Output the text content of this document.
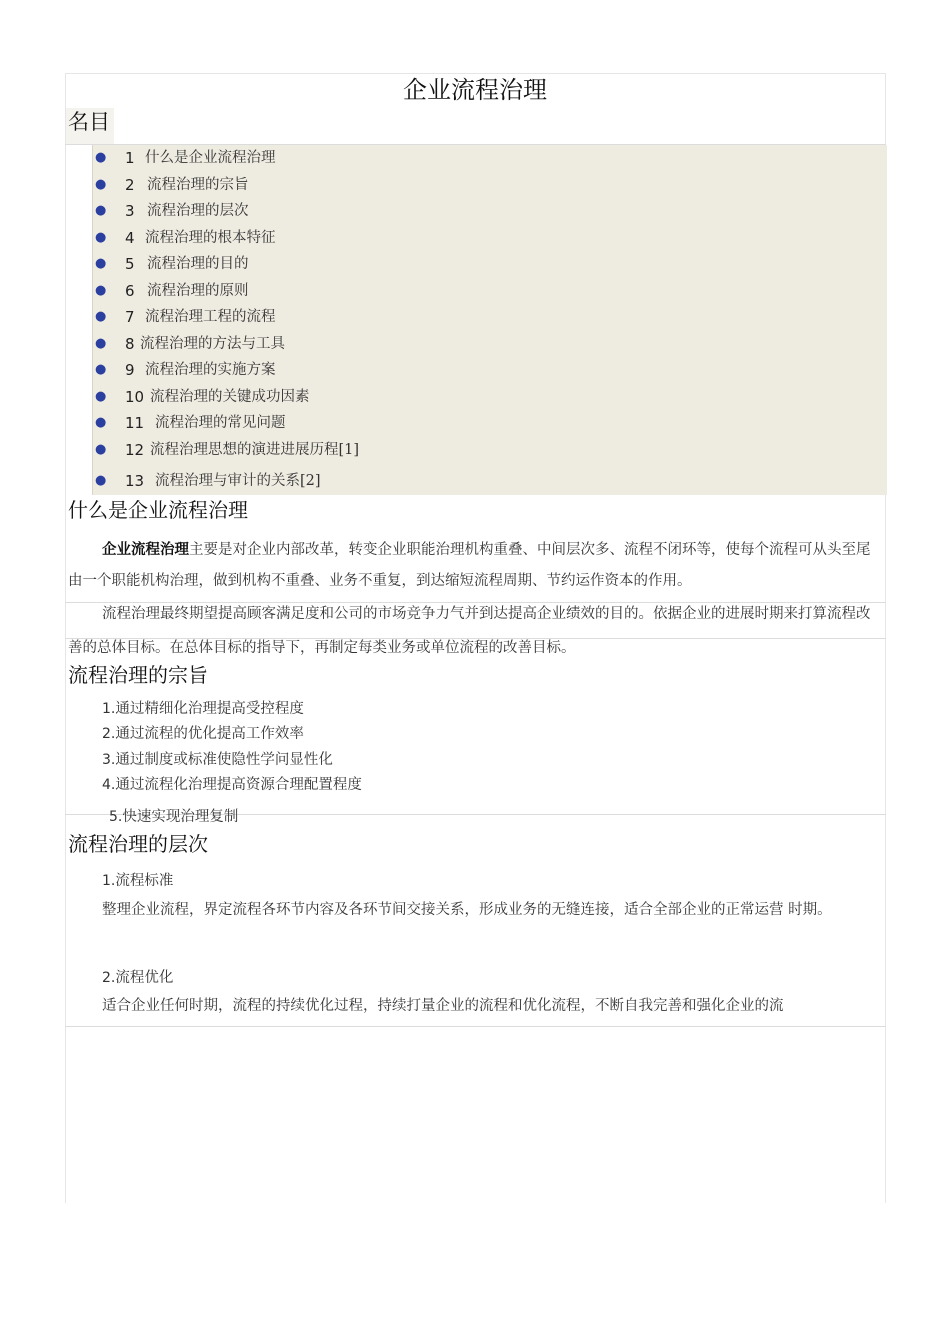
企业流程治理
名目
● 1 什么是企业流程治理
● 2 流程治理的宗旨
● 3 流程治理的层次
● 4 流程治理的根本特征
● 5 流程治理的目的
● 6 流程治理的原则
● 7 流程治理工程的流程
● 8 流程治理的方法与工具
● 9 流程治理的实施方案
● 10 流程治理的关键成功因素
● 11 流程治理的常见问题
● 12 流程治理思想的演进进展历程[1]
● 13 流程治理与审计的关系[2]
什么是企业流程治理

企业流程治理主要是对企业内部改革，转变企业职能治理机构重叠、中间层次多、流程不闭环等，使每个流程可从头至尾由一个职能机构治理，做到机构不重叠、业务不重复，到达缩短流程周期、节约运作资本的作用。

流程治理最终期望提高顾客满足度和公司的市场竞争力气并到达提高企业绩效的目的。依据企业的进展时期来打算流程改善的总体目标。在总体目标的指导下，再制定每类业务或单位流程的改善目标。

流程治理的宗旨
1.通过精细化治理提高受控程度
2.通过流程的优化提高工作效率
3.通过制度或标准使隐性学问显性化
4.通过流程化治理提高资源合理配置程度
5.快速实现治理复制
流程治理的层次
1.流程标准

整理企业流程，界定流程各环节内容及各环节间交接关系，形成业务的无缝连接，适合全部企业的正常运营 时期。

2.流程优化

适合企业任何时期，流程的持续优化过程，持续打量企业的流程和优化流程，不断自我完善和强化企业的流
